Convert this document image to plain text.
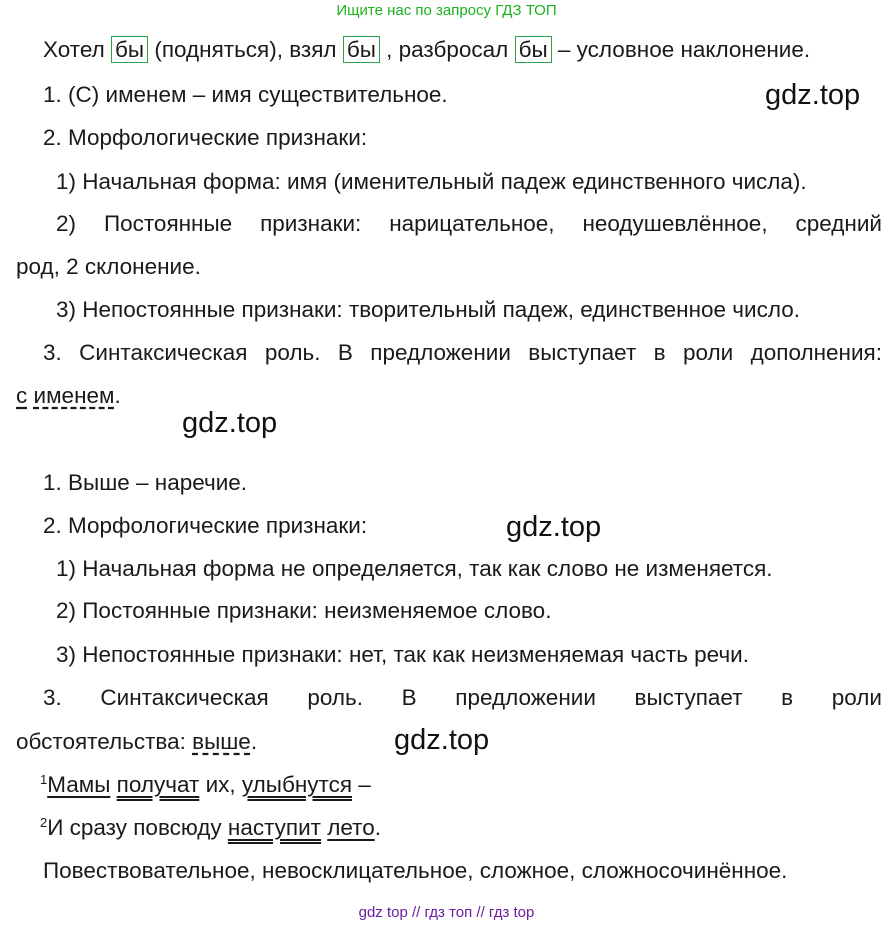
Ищите нас по запросу ГДЗ ТОП
Хотел бы (подняться), взял бы , разбросал бы – условное наклонение.
1. (С) именем – имя существительное.	gdz.top
2. Морфологические признаки:
1) Начальная форма: имя (именительный падеж единственного числа).
2) Постоянные признаки: нарицательное, неодушевлённое, средний
род, 2 склонение.
3) Непостоянные признаки: творительный падеж, единственное число.
3. Синтаксическая роль. В предложении выступает в роли дополнения:
с именем.
gdz.top
1. Выше – наречие.
2. Морфологические признаки:	gdz.top
1) Начальная форма не определяется, так как слово не изменяется.
2) Постоянные признаки: неизменяемое слово.
3) Непостоянные признаки: нет, так как неизменяемая часть речи.
3. Синтаксическая роль. В предложении выступает в роли
обстоятельства: выше.	gdz.top
$^1$Мамы получат их, улыбнутся –
$^2$И сразу повсюду наступит лето.
Повествовательное, невосклицательное, сложное, сложносочинённое.
gdz top // гдз топ // гдз top
